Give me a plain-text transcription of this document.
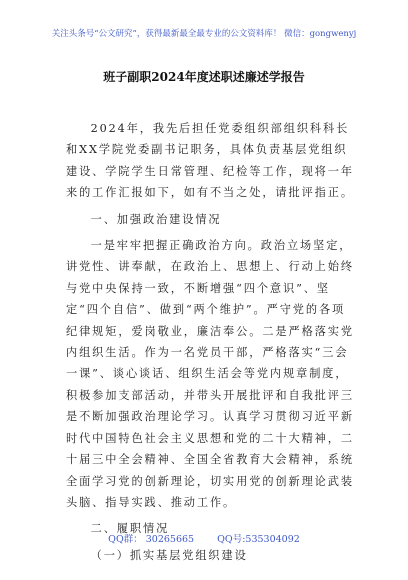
关注头条号“公文研究”，获得最新最全最专业的公文资料库！ 微信：gongwenyj
班子副职2024年度述职述廉述学报告

2024年，我先后担任党委组织部组织科科长和XX学院党委副书记职务，具体负责基层党组织建设、学院学生日常管理、纪检等工作，现将一年来的工作汇报如下，如有不当之处，请批评指正。

一、加强政治建设情况

一是牢牢把握正确政治方向。政治立场坚定，讲党性、讲奉献，在政治上、思想上、行动上始终与党中央保持一致，不断增强“四个意识”、坚定“四个自信”、做到“两个维护”。严守党的各项纪律规矩，爱岗敬业，廉洁奉公。二是严格落实党内组织生活。作为一名党员干部，严格落实“三会一课”、谈心谈话、组织生活会等党内规章制度，积极参加支部活动，并带头开展批评和自我批评三是不断加强政治理论学习。认真学习贯彻习近平新时代中国特色社会主义思想和党的二十大精神，二十届三中全会精神、全国全省教育大会精神，系统全面学习党的创新理论，切实用党的创新理论武装头脑、指导实践、推动工作。

二、履职情况

（一）抓实基层党组织建设

QQ群： 30265665 QQ号:535304092
